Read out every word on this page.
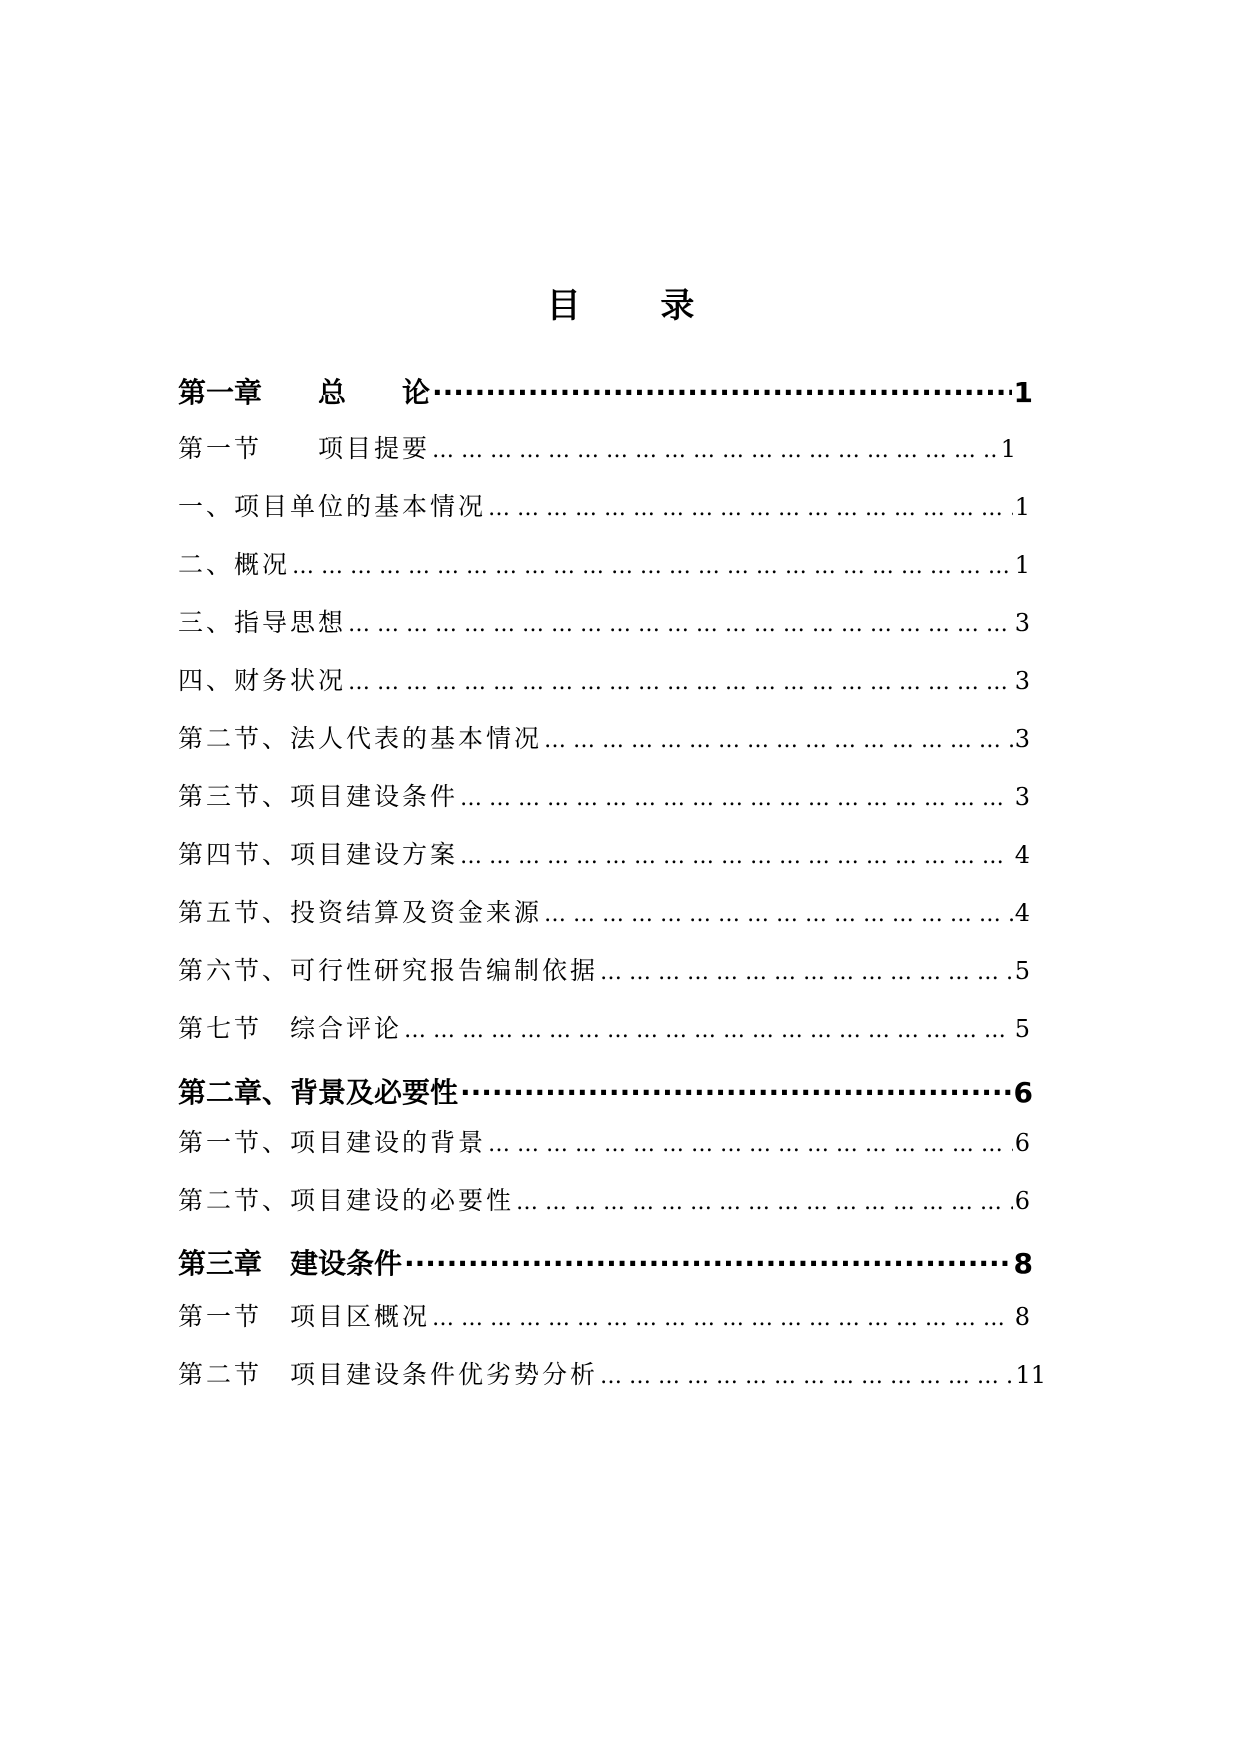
目 录
第一章　　总　　论 ·····	1
第一节　　项目提要 … … … … … … … … … … … … … … … … … … … … … … … … … … … … … … … … … … … … … … … … … … … … … … … … … … … … … …	1
一、项目单位的基本情况 … … … … … … … … … … … … … … … … … … … … … … … … … … … … … … … … … … … … … … … … … … … … … … … … … … … … … …	1
二、概况 … … … … … … … … … … … … … … … … … … … … … … … … … … … … … … … … … … … … … … … … … … … … … … … … … … … … … …	1
三、指导思想 … … … … … … … … … … … … … … … … … … … … … … … … … … … … … … … … … … … … … … … … … … … … … … … … … … … … … …	3
四、财务状况 … … … … … … … … … … … … … … … … … … … … … … … … … … … … … … … … … … … … … … … … … … … … … … … … … … … … … …	3
第二节、法人代表的基本情况 … … … … … … … … … … … … … … … … … … … … … … … … … … … … … … … … … … … … … … … … … … … … … … … … … … … … … …	3
第三节、项目建设条件 … … … … … … … … … … … … … … … … … … … … … … … … … … … … … … … … … … … … … … … … … … … … … … … … … … … … … …	3
第四节、项目建设方案 … … … … … … … … … … … … … … … … … … … … … … … … … … … … … … … … … … … … … … … … … … … … … … … … … … … … … …	4
第五节、投资结算及资金来源 … … … … … … … … … … … … … … … … … … … … … … … … … … … … … … … … … … … … … … … … … … … … … … … … … … … … … …	4
第六节、可行性研究报告编制依据 … … … … … … … … … … … … … … … … … … … … … … … … … … … … … … … … … … … … … … … … … … … … … … … … … … … … … …	5
第七节　综合评论 … … … … … … … … … … … … … … … … … … … … … … … … … … … … … … … … … … … … … … … … … … … … … … … … … … … … … …	5
第二章、背景及必要性 ·····	6
第一节、项目建设的背景 … … … … … … … … … … … … … … … … … … … … … … … … … … … … … … … … … … … … … … … … … … … … … … … … … … … … … …	6
第二节、项目建设的必要性 … … … … … … … … … … … … … … … … … … … … … … … … … … … … … … … … … … … … … … … … … … … … … … … … … … … … … …	6
第三章　建设条件 ·····	8
第一节　项目区概况 … … … … … … … … … … … … … … … … … … … … … … … … … … … … … … … … … … … … … … … … … … … … … … … … … … … … … …	8
第二节　项目建设条件优劣势分析 … … … … … … … … … … … … … … … … … … … … … … … … … … … … … … … … … … … … … … … … … … … … … … … … … … … … … …	11
